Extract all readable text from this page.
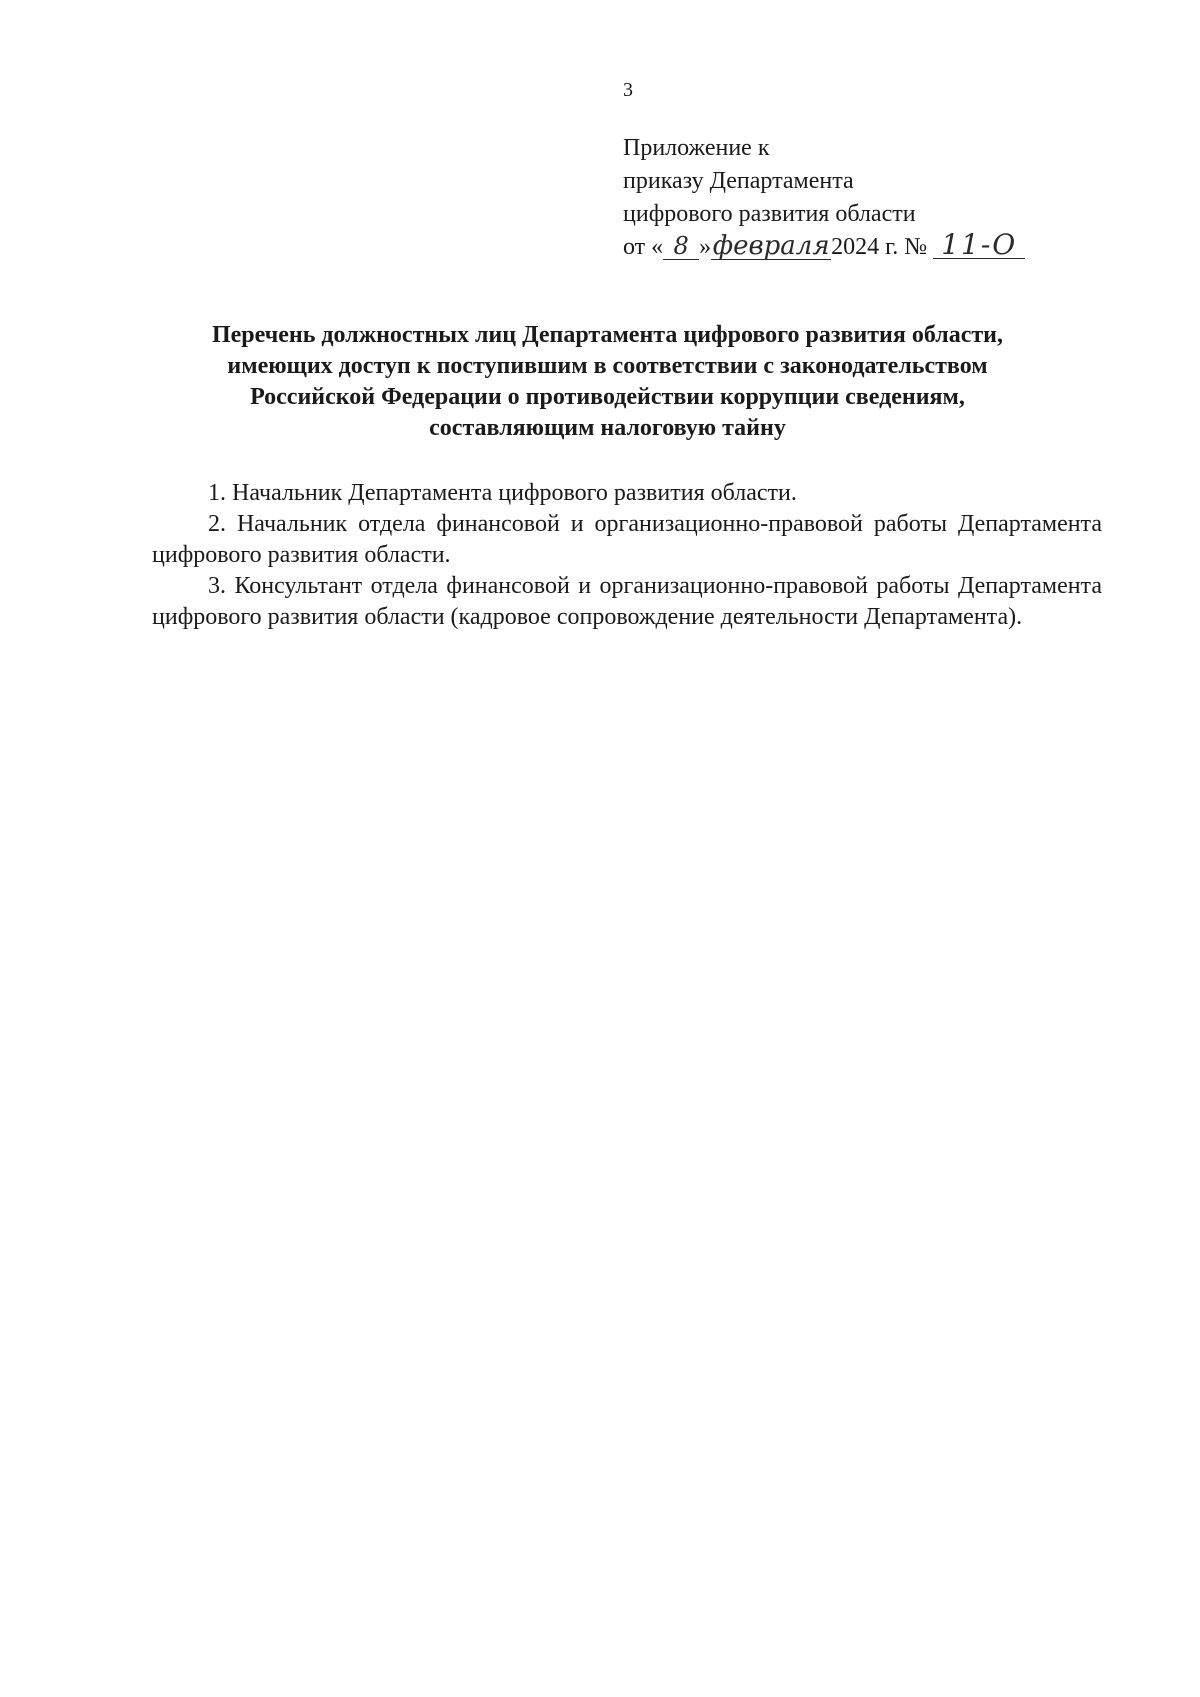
3
Приложение к
приказу Департамента
цифрового развития области
от « 8 »февраля2024 г. № 11-О
Перечень должностных лиц Департамента цифрового развития области,
имеющих доступ к поступившим в соответствии с законодательством
Российской Федерации о противодействии коррупции сведениям,
составляющим налоговую тайну

1. Начальник Департамента цифрового развития области.

2. Начальник отдела финансовой и организационно-правовой работы Департамента цифрового развития области.

3. Консультант отдела финансовой и организационно-правовой работы Департамента цифрового развития области (кадровое сопровождение деятельности Департамента).
